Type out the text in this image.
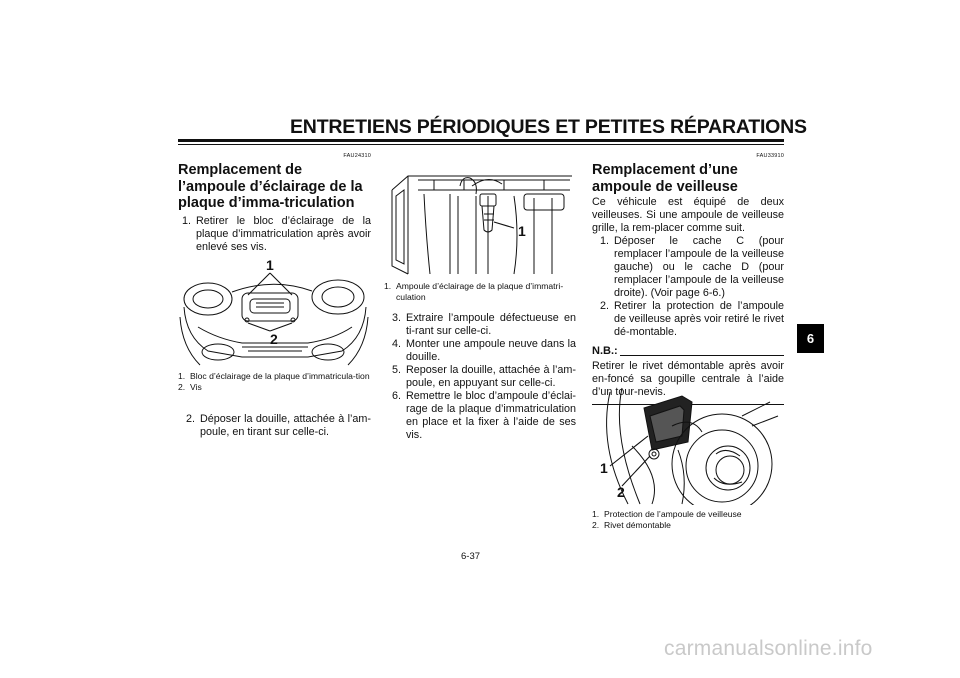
ENTRETIENS PÉRIODIQUES ET PETITES RÉPARATIONS
6
FAU24310
Remplacement de l’ampoule d’éclairage de la plaque d’imma-triculation
1. Retirer le bloc d’éclairage de la plaque d’immatriculation après avoir enlevé ses vis.
1
2
1. Bloc d’éclairage de la plaque d’immatricula-tion
2. Vis
2. Déposer la douille, attachée à l’am-poule, en tirant sur celle-ci.
1
1. Ampoule d’éclairage de la plaque d’immatri-culation
3. Extraire l’ampoule défectueuse en ti-rant sur celle-ci.
4. Monter une ampoule neuve dans la douille.
5. Reposer la douille, attachée à l’am-poule, en appuyant sur celle-ci.
6. Remettre le bloc d’ampoule d’éclai-rage de la plaque d’immatriculation en place et la fixer à l’aide de ses vis.
FAU33910
Remplacement d’une ampoule de veilleuse
Ce véhicule est équipé de deux veilleuses. Si une ampoule de veilleuse grille, la rem-placer comme suit.
1. Déposer le cache C (pour remplacer l’ampoule de la veilleuse gauche) ou le cache D (pour remplacer l’ampoule de la veilleuse droite). (Voir page 6-6.)
2. Retirer la protection de l’ampoule de veilleuse après voir retiré le rivet dé-montable.
N.B.:
Retirer le rivet démontable après avoir en-foncé sa goupille centrale à l’aide d’un tour-nevis.
1
2
1. Protection de l’ampoule de veilleuse
2. Rivet démontable
6-37
carmanualsonline.info
